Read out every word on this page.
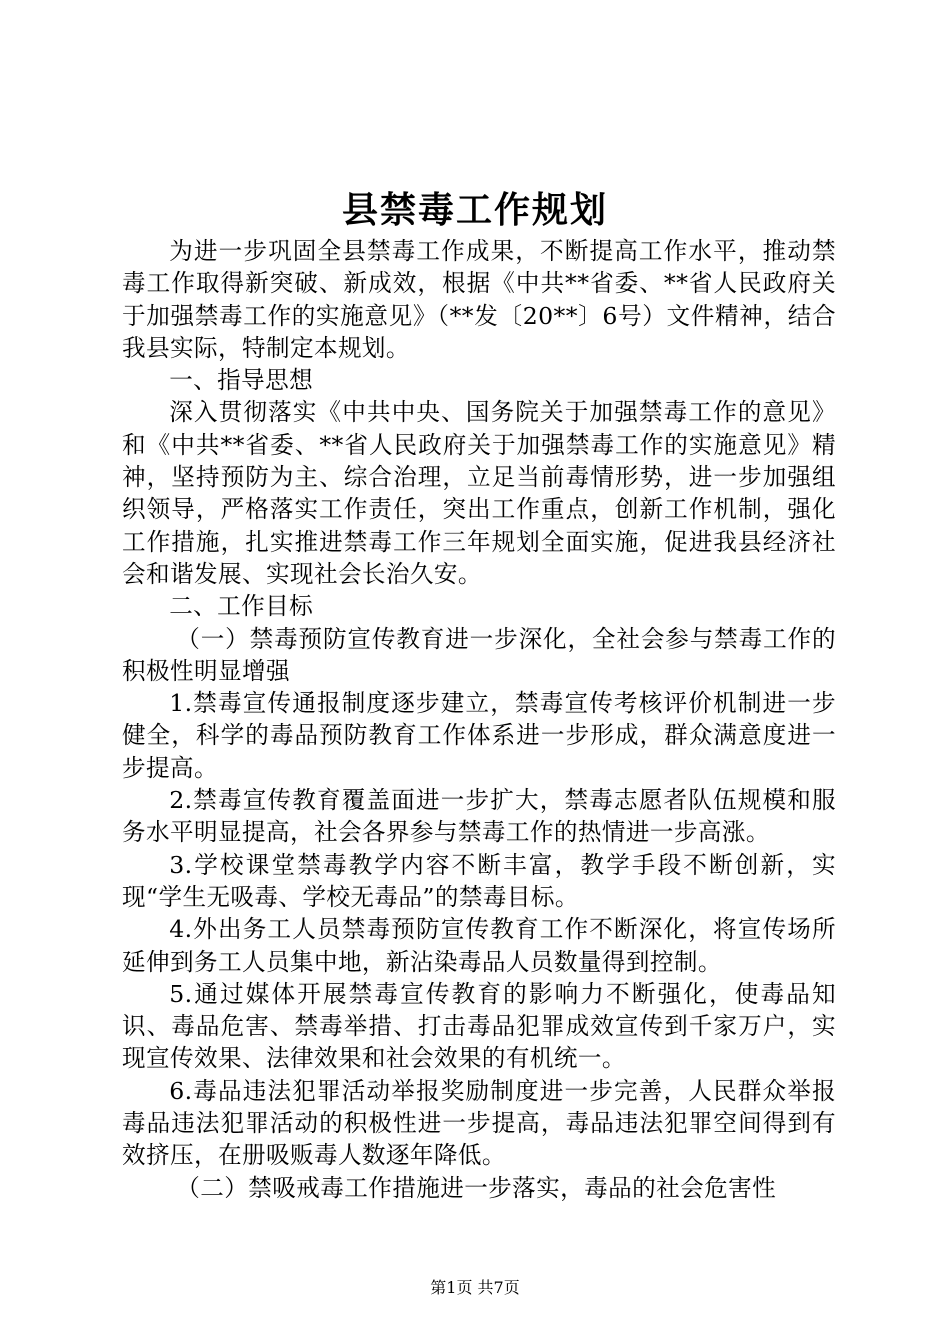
县禁毒工作规划

为进一步巩固全县禁毒工作成果，不断提高工作水平，推动禁毒工作取得新突破、新成效，根据《中共**省委、**省人民政府关于加强禁毒工作的实施意见》（**发〔20**〕6号）文件精神，结合我县实际，特制定本规划。

一、指导思想

深入贯彻落实《中共中央、国务院关于加强禁毒工作的意见》和《中共**省委、**省人民政府关于加强禁毒工作的实施意见》精神，坚持预防为主、综合治理，立足当前毒情形势，进一步加强组织领导，严格落实工作责任，突出工作重点，创新工作机制，强化工作措施，扎实推进禁毒工作三年规划全面实施，促进我县经济社会和谐发展、实现社会长治久安。

二、工作目标

（一）禁毒预防宣传教育进一步深化，全社会参与禁毒工作的积极性明显增强

1.禁毒宣传通报制度逐步建立，禁毒宣传考核评价机制进一步健全，科学的毒品预防教育工作体系进一步形成，群众满意度进一步提高。

2.禁毒宣传教育覆盖面进一步扩大，禁毒志愿者队伍规模和服务水平明显提高，社会各界参与禁毒工作的热情进一步高涨。

3.学校课堂禁毒教学内容不断丰富，教学手段不断创新，实现“学生无吸毒、学校无毒品”的禁毒目标。

4.外出务工人员禁毒预防宣传教育工作不断深化，将宣传场所延伸到务工人员集中地，新沾染毒品人员数量得到控制。

5.通过媒体开展禁毒宣传教育的影响力不断强化，使毒品知识、毒品危害、禁毒举措、打击毒品犯罪成效宣传到千家万户，实现宣传效果、法律效果和社会效果的有机统一。

6.毒品违法犯罪活动举报奖励制度进一步完善，人民群众举报毒品违法犯罪活动的积极性进一步提高，毒品违法犯罪空间得到有效挤压，在册吸贩毒人数逐年降低。

（二）禁吸戒毒工作措施进一步落实，毒品的社会危害性

第1页 共7页
